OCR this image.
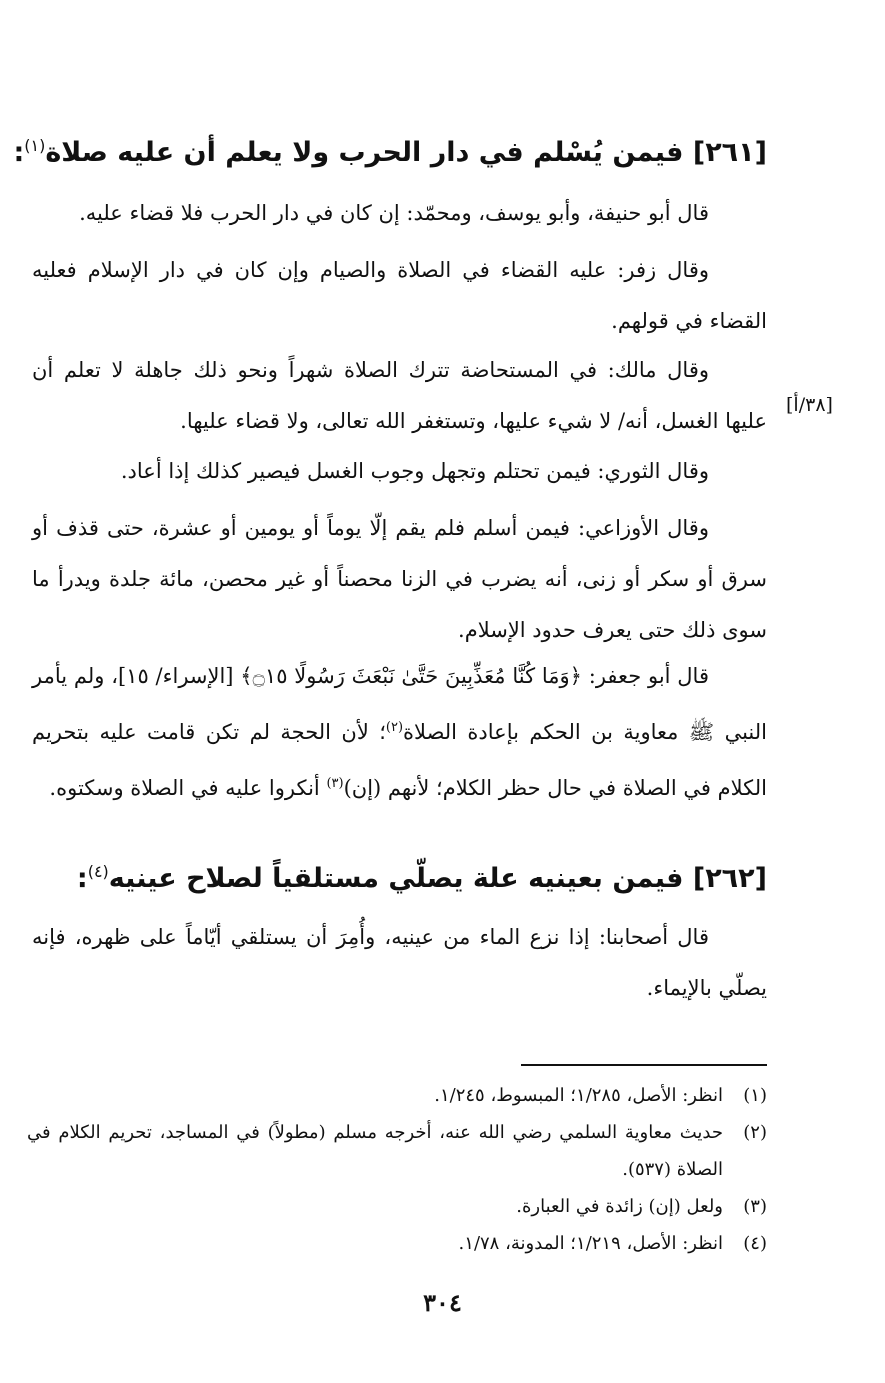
[٢٦١] فيمن يُسْلم في دار الحرب ولا يعلم أن عليه صلاة$^{(١)}$:
قال أبو حنيفة، وأبو يوسف، ومحمّد: إن كان في دار الحرب فلا قضاء عليه.
وقال زفر: عليه القضاء في الصلاة والصيام وإن كان في دار الإسلام فعليه القضاء في قولهم.
وقال مالك: في المستحاضة تترك الصلاة شهراً ونحو ذلك جاهلة لا تعلم أن عليها الغسل، أنه/ لا شيء عليها، وتستغفر الله تعالى، ولا قضاء عليها.
[٣٨/أ]
وقال الثوري: فيمن تحتلم وتجهل وجوب الغسل فيصير كذلك إذا أعاد.
وقال الأوزاعي: فيمن أسلم فلم يقم إلّا يوماً أو يومين أو عشرة، حتى قذف أو سرق أو سكر أو زنى، أنه يضرب في الزنا محصناً أو غير محصن، مائة جلدة ويدرأ ما سوى ذلك حتى يعرف حدود الإسلام.
قال أبو جعفر: ﴿وَمَا كُنَّا مُعَذِّبِينَ حَتَّىٰ نَبْعَثَ رَسُولًا ۝١٥﴾ [الإسراء/ ١٥]، ولم يأمر النبي ﷺ معاوية بن الحكم بإعادة الصلاة$^{(٢)}$؛ لأن الحجة لم تكن قامت عليه بتحريم الكلام في الصلاة في حال حظر الكلام؛ لأنهم (إن)$^{(٣)}$ أنكروا عليه في الصلاة وسكتوه.
[٢٦٢] فيمن بعينيه علة يصلّي مستلقياً لصلاح عينيه$^{(٤)}$:
قال أصحابنا: إذا نزع الماء من عينيه، وأُمِرَ أن يستلقي أيّاماً على ظهره، فإنه يصلّي بالإيماء.
(١)
انظر: الأصل، ١/٢٨٥؛ المبسوط، ١/٢٤٥.
(٢)
حديث معاوية السلمي رضي الله عنه، أخرجه مسلم (مطولاً) في المساجد، تحريم الكلام في الصلاة (٥٣٧).
(٣)
ولعل (إن) زائدة في العبارة.
(٤)
انظر: الأصل، ١/٢١٩؛ المدونة، ١/٧٨.
٣٠٤
